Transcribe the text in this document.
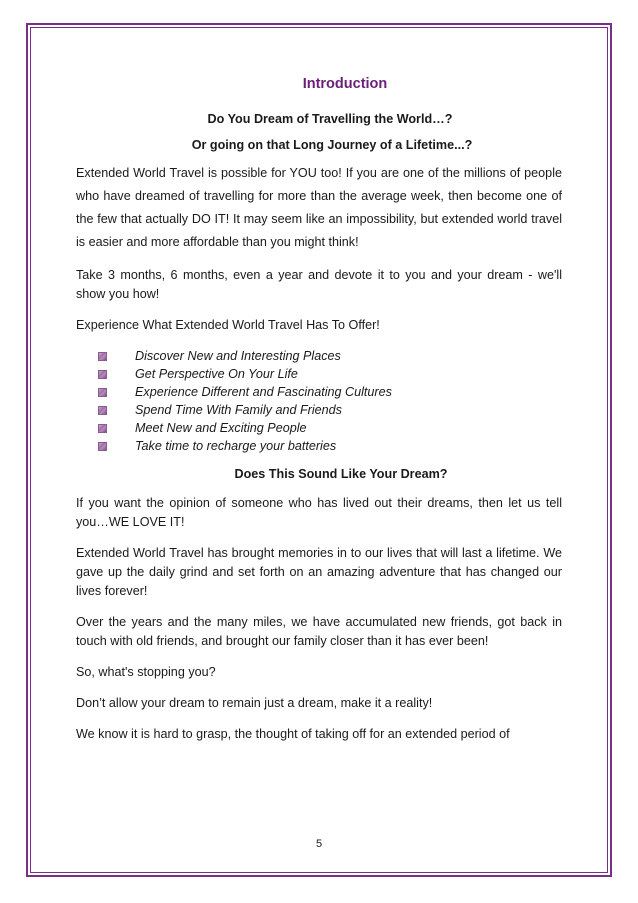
Introduction
Do You Dream of Travelling the World…?
Or going on that Long Journey of a Lifetime...?

Extended World Travel is possible for YOU too! If you are one of the millions of people who have dreamed of travelling for more than the average week, then become one of the few that actually DO IT! It may seem like an impossibility, but extended world travel is easier and more affordable than you might think!

Take 3 months, 6 months, even a year and devote it to you and your dream - we'll show you how!

Experience What Extended World Travel Has To Offer!

Discover New and Interesting Places
Get Perspective On Your Life
Experience Different and Fascinating Cultures
Spend Time With Family and Friends
Meet New and Exciting People
Take time to recharge your batteries
Does This Sound Like Your Dream?

If you want the opinion of someone who has lived out their dreams, then let us tell you…WE LOVE IT!

Extended World Travel has brought memories in to our lives that will last a lifetime. We gave up the daily grind and set forth on an amazing adventure that has changed our lives forever!

Over the years and the many miles, we have accumulated new friends, got back in touch with old friends, and brought our family closer than it has ever been!

So, what's stopping you?

Don’t allow your dream to remain just a dream, make it a reality!

We know it is hard to grasp, the thought of taking off for an extended period of

5
